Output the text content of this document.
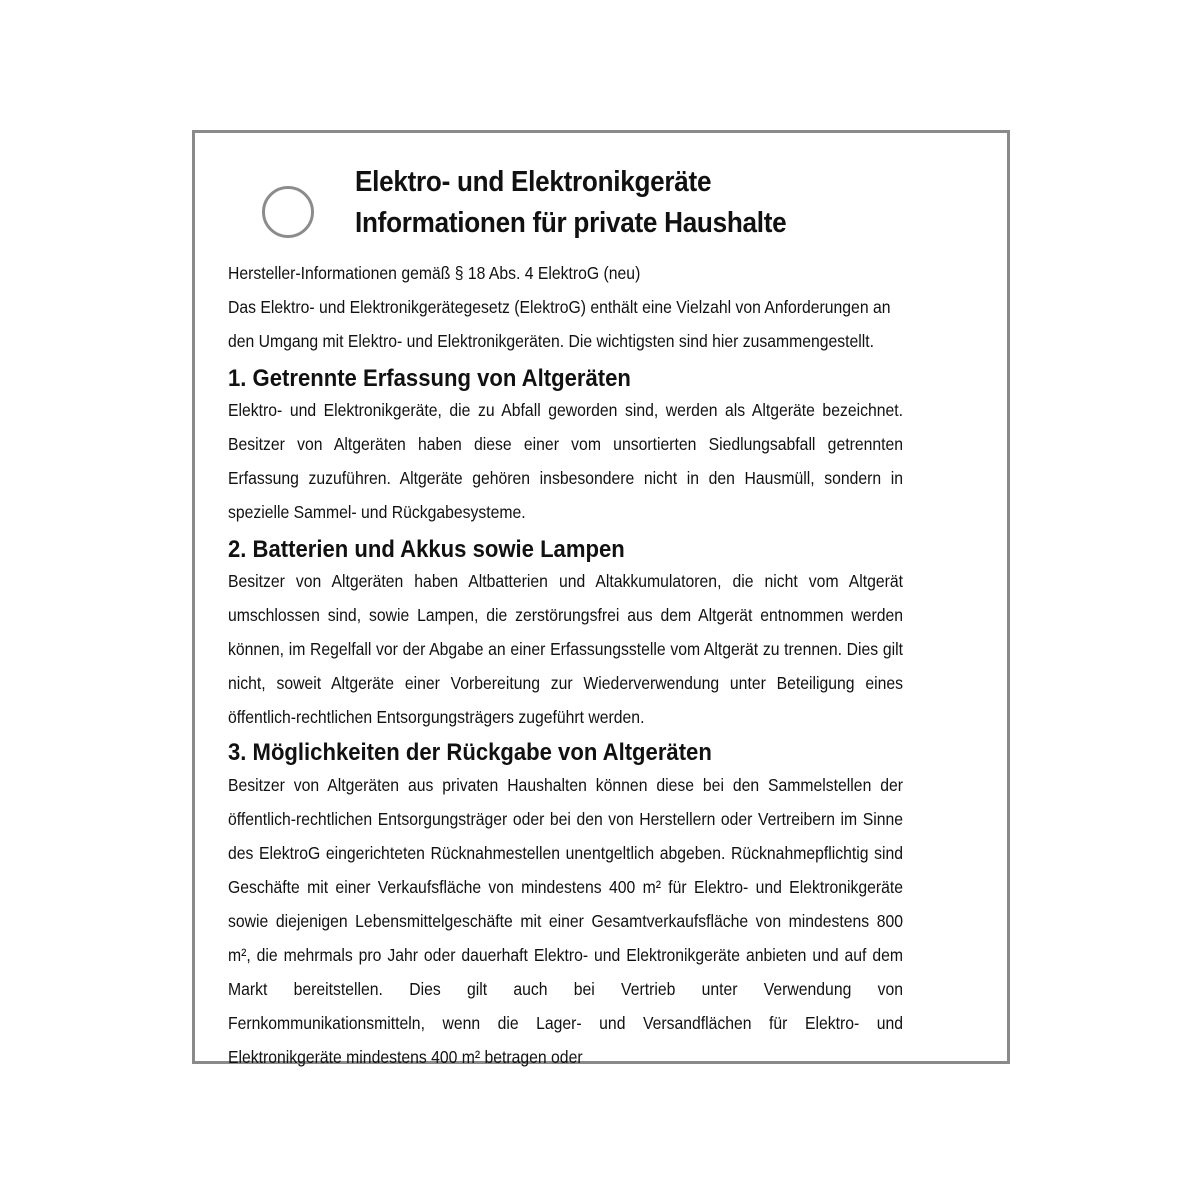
Elektro- und Elektronikgeräte
Informationen für private Haushalte
Hersteller-Informationen gemäß § 18 Abs. 4 ElektroG (neu)
Das Elektro- und Elektronikgerätegesetz (ElektroG) enthält eine Vielzahl von Anforderungen an den Umgang mit Elektro- und Elektronikgeräten. Die wichtigsten sind hier zusammengestellt.
1. Getrennte Erfassung von Altgeräten
Elektro- und Elektronikgeräte, die zu Abfall geworden sind, werden als Altgeräte bezeichnet. Besitzer von Altgeräten haben diese einer vom unsortierten Siedlungsabfall getrennten Erfassung zuzuführen. Altgeräte gehören insbesondere nicht in den Hausmüll, sondern in spezielle Sammel- und Rückgabesysteme.
2. Batterien und Akkus sowie Lampen
Besitzer von Altgeräten haben Altbatterien und Altakkumulatoren, die nicht vom Altgerät umschlossen sind, sowie Lampen, die zerstörungsfrei aus dem Altgerät entnommen werden können, im Regelfall vor der Abgabe an einer Erfassungsstelle vom Altgerät zu trennen. Dies gilt nicht, soweit Altgeräte einer Vorbereitung zur Wiederverwendung unter Beteiligung eines öffentlich-rechtlichen Entsorgungsträgers zugeführt werden.
3. Möglichkeiten der Rückgabe von Altgeräten
Besitzer von Altgeräten aus privaten Haushalten können diese bei den Sammelstellen der öffentlich-rechtlichen Entsorgungsträger oder bei den von Herstellern oder Vertreibern im Sinne des ElektroG eingerichteten Rücknahmestellen unentgeltlich abgeben. Rücknahmepflichtig sind Geschäfte mit einer Verkaufsfläche von mindestens 400 m² für Elektro- und Elektronikgeräte sowie diejenigen Lebensmittelgeschäfte mit einer Gesamtverkaufsfläche von mindestens 800 m², die mehrmals pro Jahr oder dauerhaft Elektro- und Elektronikgeräte anbieten und auf dem Markt bereitstellen. Dies gilt auch bei Vertrieb unter Verwendung von Fernkommunikationsmitteln, wenn die Lager- und Versandflächen für Elektro- und Elektronikgeräte mindestens 400 m² betragen oder
